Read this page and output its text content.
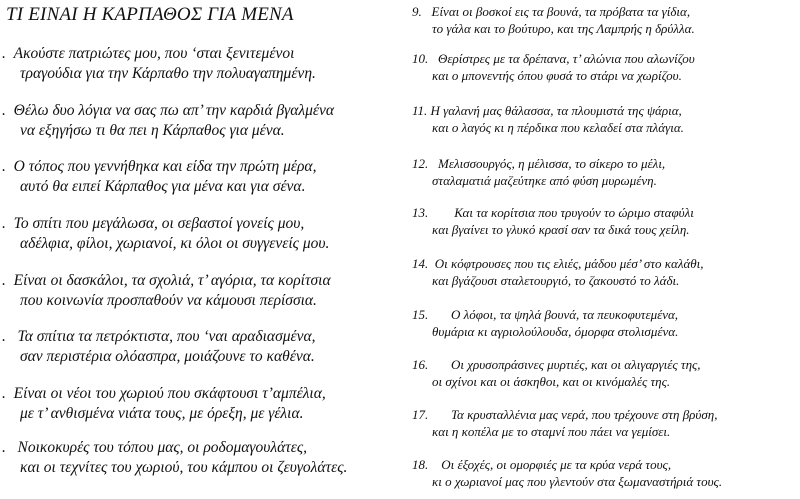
ΤΙ ΕΙΝΑΙ Η ΚΑΡΠΑΘΟΣ ΓΙΑ ΜΕΝΑ
. Ακούστε πατριώτες μου, που ‘σται ξενιτεμένοι
τραγούδια για την Κάρπαθο την πολυαγαπημένη.
. Θέλω δυο λόγια να σας πω απ’ την καρδιά βγαλμένα
να εξηγήσω τι θα πει η Κάρπαθος για μένα.
. Ο τόπος που γεννήθηκα και είδα την πρώτη μέρα,
αυτό θα ειπεί Κάρπαθος για μένα και για σένα.
. Το σπίτι που μεγάλωσα, οι σεβαστοί γονείς μου,
αδέλφια, φίλοι, χωριανοί, κι όλοι οι συγγενείς μου.
. Είναι οι δασκάλοι, τα σχολιά, τ’ αγόρια, τα κορίτσια
που κοινωνία προσπαθούν να κάμουσι περίσσια.
. Τα σπίτια τα πετρόκτιστα, που ‘ναι αραδιασμένα,
σαν περιστέρια ολόασπρα, μοιάζουνε το καθένα.
. Είναι οι νέοι του χωριού που σκάφτουσι τ’αμπέλια,
με τ’ ανθισμένα νιάτα τους, με όρεξη, με γέλια.
. Νοικοκυρές του τόπου μας, οι ροδομαγουλάτες,
και οι τεχνίτες του χωριού, του κάμπου οι ζευγολάτες.
9. Είναι οι βοσκοί εις τα βουνά, τα πρόβατα τα γίδια,
το γάλα και το βούτυρο, και της Λαμπρής η δρύλλα.
10. Θερίστρες με τα δρέπανα, τ’ αλώνια που αλωνίζου
και ο μπονεντής όπου φυσά το στάρι να χωρίζου.
11. Η γαλανή μας θάλασσα, τα πλουμιστά της ψάρια,
και ο λαγός κι η πέρδικα που κελαδεί στα πλάγια.
12. Μελισσουργός, η μέλισσα, το σίκερο το μέλι,
σταλαματιά μαζεύτηκε από φύση μυρωμένη.
13. Και τα κορίτσια που τρυγούν το ώριμο σταφύλι
και βγαίνει το γλυκό κρασί σαν τα δικά τους χείλη.
14. Οι κόφτρουσες που τις ελιές, μάδου μέσ’ στο καλάθι,
και βγάζουσι σταλετουργιό, το ζακουστό το λάδι.
15. Ο λόφοι, τα ψηλά βουνά, τα πευκοφυτεμένα,
θυμάρια κι αγριολούλουδα, όμορφα στολισμένα.
16. Οι χρυσοπράσινες μυρτιές, και οι αλιγαργιές της,
οι σχίνοι και οι άσκηθοι, και οι κινόμαλές της.
17. Τα κρυσταλλένια μας νερά, που τρέχουνε στη βρύση,
και η κοπέλα με το σταμνί που πάει να γεμίσει.
18. Οι έξοχές, οι ομορφιές με τα κρύα νερά τους,
κι ο χωριανοί μας που γλεντούν στα ξωμαναστήριά τους.
